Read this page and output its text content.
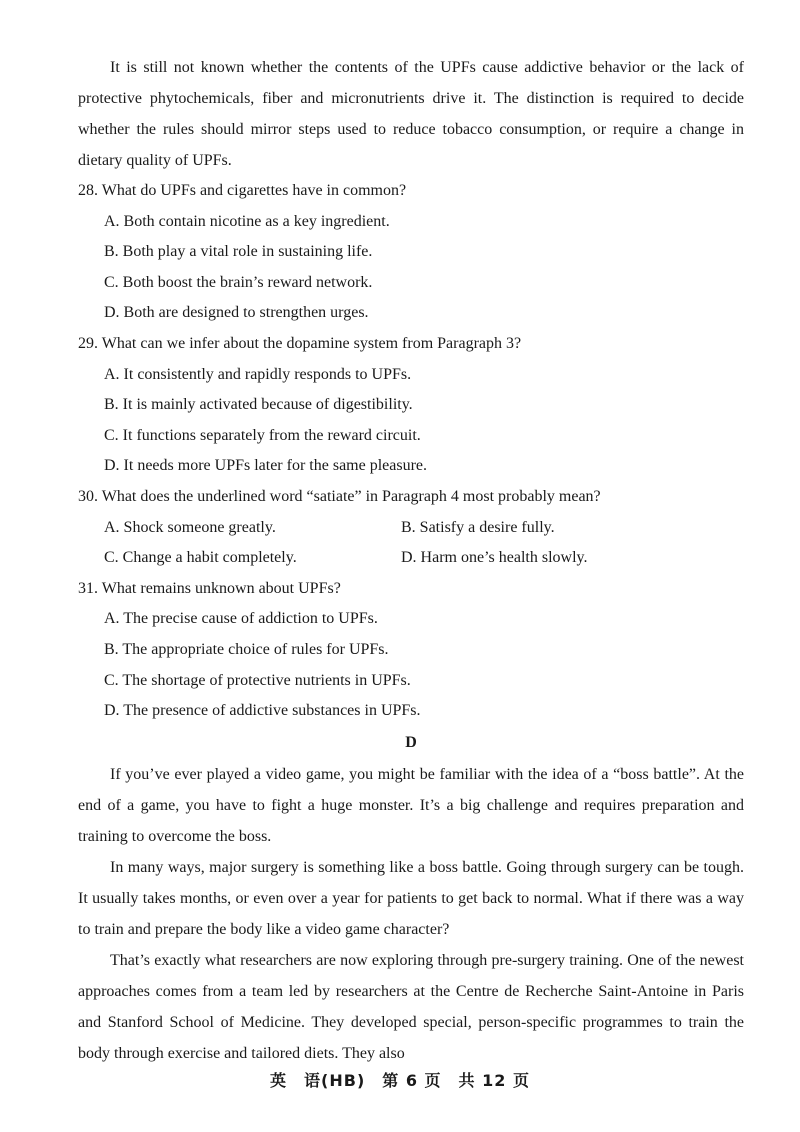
It is still not known whether the contents of the UPFs cause addictive behavior or the lack of protective phytochemicals, fiber and micronutrients drive it. The distinction is required to decide whether the rules should mirror steps used to reduce tobacco consumption, or require a change in dietary quality of UPFs.

28. What do UPFs and cigarettes have in common?

A. Both contain nicotine as a key ingredient.

B. Both play a vital role in sustaining life.

C. Both boost the brain’s reward network.

D. Both are designed to strengthen urges.

29. What can we infer about the dopamine system from Paragraph 3?

A. It consistently and rapidly responds to UPFs.

B. It is mainly activated because of digestibility.

C. It functions separately from the reward circuit.

D. It needs more UPFs later for the same pleasure.

30. What does the underlined word “satiate” in Paragraph 4 most probably mean?

A. Shock someone greatly.	B. Satisfy a desire fully.
C. Change a habit completely.	D. Harm one’s health slowly.

31. What remains unknown about UPFs?

A. The precise cause of addiction to UPFs.

B. The appropriate choice of rules for UPFs.

C. The shortage of protective nutrients in UPFs.

D. The presence of addictive substances in UPFs.

D

If you’ve ever played a video game, you might be familiar with the idea of a “boss battle”. At the end of a game, you have to fight a huge monster. It’s a big challenge and requires preparation and training to overcome the boss.

In many ways, major surgery is something like a boss battle. Going through surgery can be tough. It usually takes months, or even over a year for patients to get back to normal. What if there was a way to train and prepare the body like a video game character?

That’s exactly what researchers are now exploring through pre-surgery training. One of the newest approaches comes from a team led by researchers at the Centre de Recherche Saint-Antoine in Paris and Stanford School of Medicine. They developed special, person-specific programmes to train the body through exercise and tailored diets. They also

英　语(HB)　第 6 页　共 12 页
